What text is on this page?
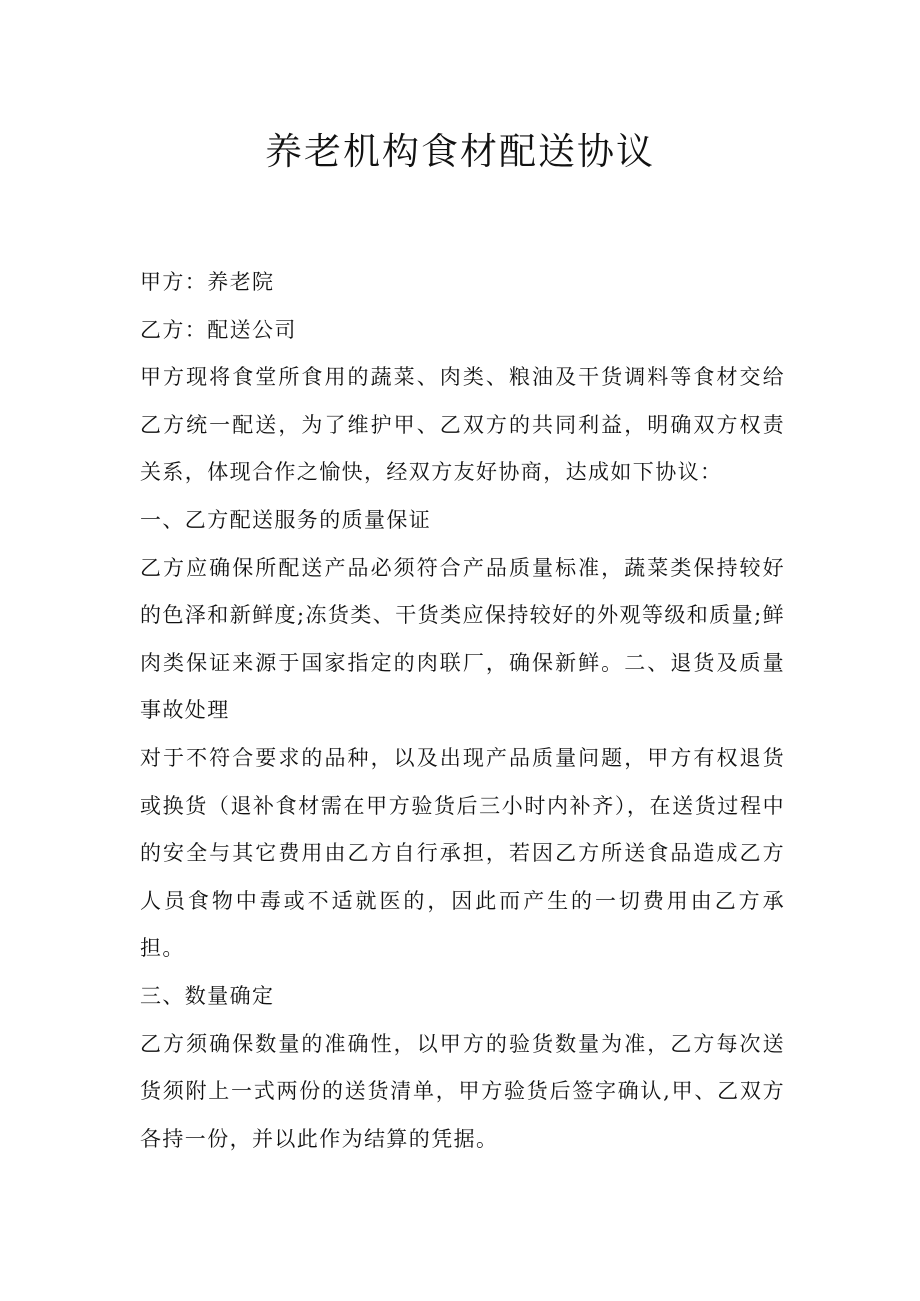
养老机构食材配送协议

甲方：养老院

乙方：配送公司

甲方现将食堂所食用的蔬菜、肉类、粮油及干货调料等食材交给乙方统一配送，为了维护甲、乙双方的共同利益，明确双方权责关系，体现合作之愉快，经双方友好协商，达成如下协议：

一、乙方配送服务的质量保证

乙方应确保所配送产品必须符合产品质量标准，蔬菜类保持较好的色泽和新鲜度;冻货类、干货类应保持较好的外观等级和质量;鲜肉类保证来源于国家指定的肉联厂，确保新鲜。二、退货及质量事故处理

对于不符合要求的品种，以及出现产品质量问题，甲方有权退货或换货（退补食材需在甲方验货后三小时内补齐），在送货过程中的安全与其它费用由乙方自行承担，若因乙方所送食品造成乙方人员食物中毒或不适就医的，因此而产生的一切费用由乙方承担。

三、数量确定

乙方须确保数量的准确性，以甲方的验货数量为准，乙方每次送货须附上一式两份的送货清单，甲方验货后签字确认,甲、乙双方各持一份，并以此作为结算的凭据。
